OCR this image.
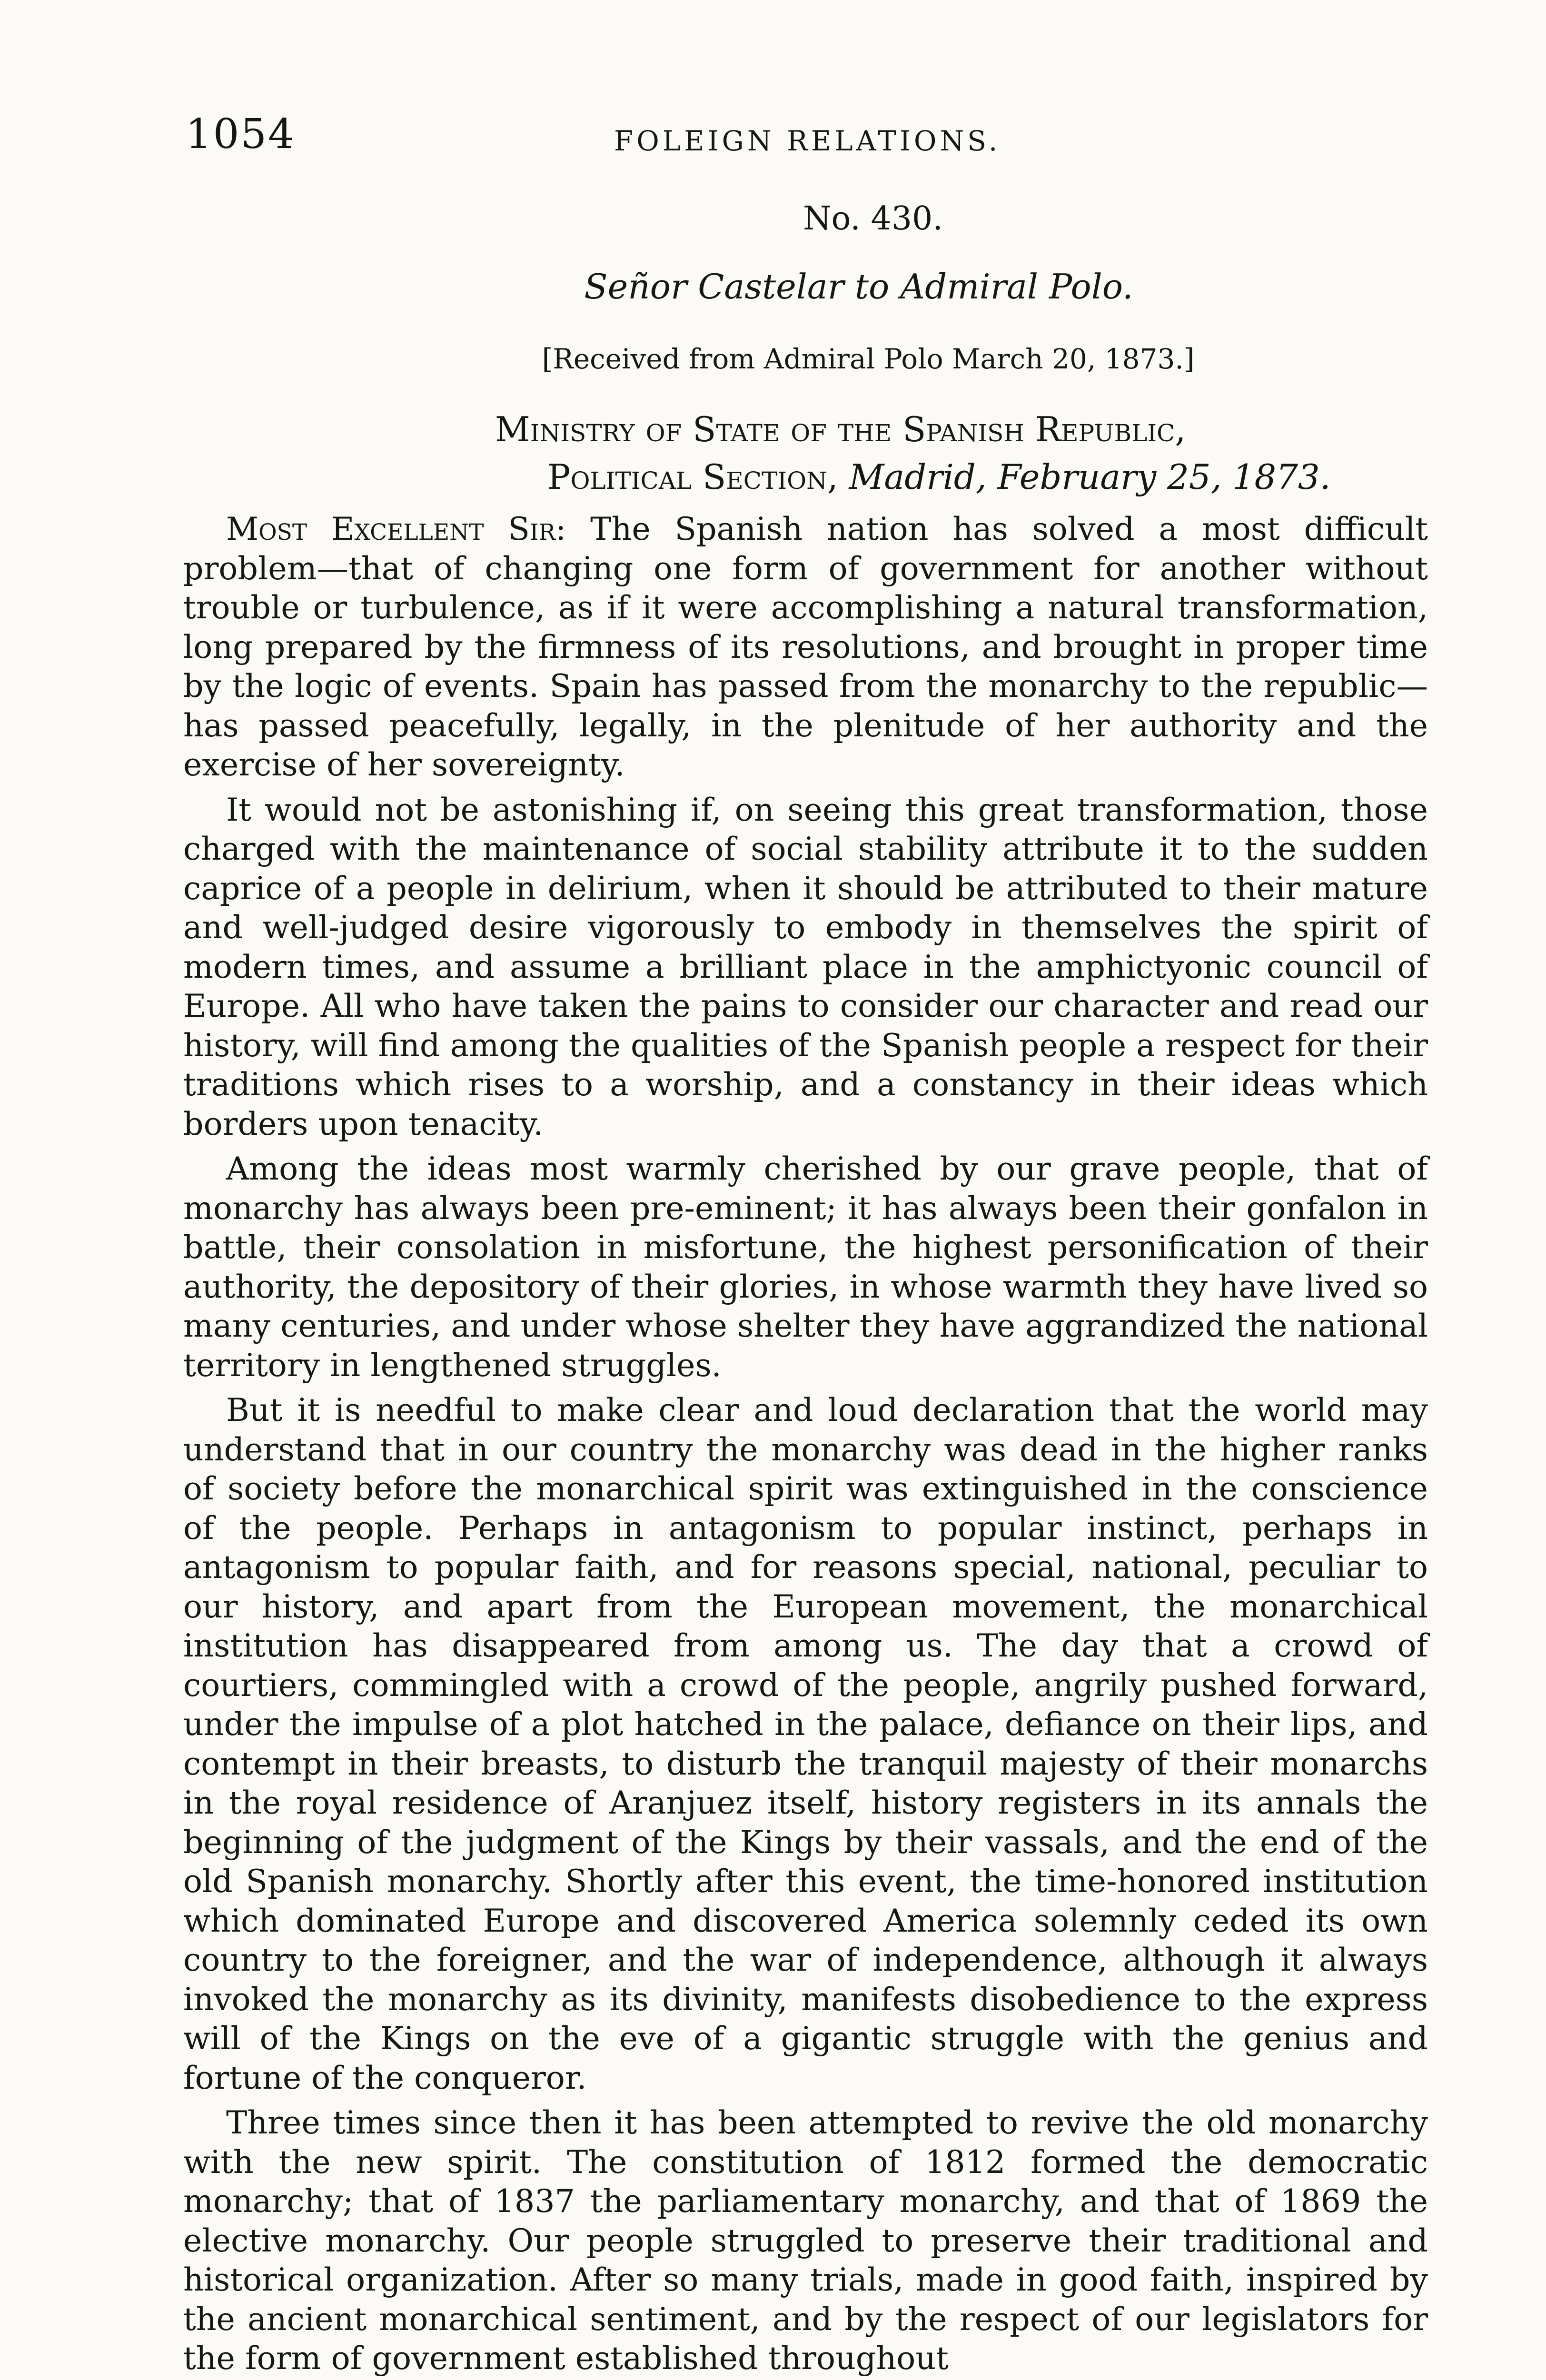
1054	FOLEIGN RELATIONS.
No. 430.
Señor Castelar to Admiral Polo.
[Received from Admiral Polo March 20, 1873.]
Ministry of State of the Spanish Republic,
Political Section, Madrid, February 25, 1873.

Most Excellent Sir: The Spanish nation has solved a most difficult problem—that of changing one form of government for another without trouble or turbulence, as if it were accomplishing a natural transformation, long prepared by the firmness of its resolutions, and brought in proper time by the logic of events. Spain has passed from the monarchy to the republic—has passed peacefully, legally, in the plenitude of her authority and the exercise of her sovereignty.

It would not be astonishing if, on seeing this great transformation, those charged with the maintenance of social stability attribute it to the sudden caprice of a people in delirium, when it should be attributed to their mature and well-judged desire vigorously to embody in themselves the spirit of modern times, and assume a brilliant place in the amphictyonic council of Europe. All who have taken the pains to consider our character and read our history, will find among the qualities of the Spanish people a respect for their traditions which rises to a worship, and a constancy in their ideas which borders upon tenacity.

Among the ideas most warmly cherished by our grave people, that of monarchy has always been pre-eminent; it has always been their gonfalon in battle, their consolation in misfortune, the highest personification of their authority, the depository of their glories, in whose warmth they have lived so many centuries, and under whose shelter they have aggrandized the national territory in lengthened struggles.

But it is needful to make clear and loud declaration that the world may understand that in our country the monarchy was dead in the higher ranks of society before the monarchical spirit was extinguished in the conscience of the people. Perhaps in antagonism to popular instinct, perhaps in antagonism to popular faith, and for reasons special, national, peculiar to our history, and apart from the European movement, the monarchical institution has disappeared from among us. The day that a crowd of courtiers, commingled with a crowd of the people, angrily pushed forward, under the impulse of a plot hatched in the palace, defiance on their lips, and contempt in their breasts, to disturb the tranquil majesty of their monarchs in the royal residence of Aranjuez itself, history registers in its annals the beginning of the judgment of the Kings by their vassals, and the end of the old Spanish monarchy. Shortly after this event, the time-honored institution which dominated Europe and discovered America solemnly ceded its own country to the foreigner, and the war of independence, although it always invoked the monarchy as its divinity, manifests disobedience to the express will of the Kings on the eve of a gigantic struggle with the genius and fortune of the conqueror.

Three times since then it has been attempted to revive the old monarchy with the new spirit. The constitution of 1812 formed the democratic monarchy; that of 1837 the parliamentary monarchy, and that of 1869 the elective monarchy. Our people struggled to preserve their traditional and historical organization. After so many trials, made in good faith, inspired by the ancient monarchical sentiment, and by the respect of our legislators for the form of government established throughout
